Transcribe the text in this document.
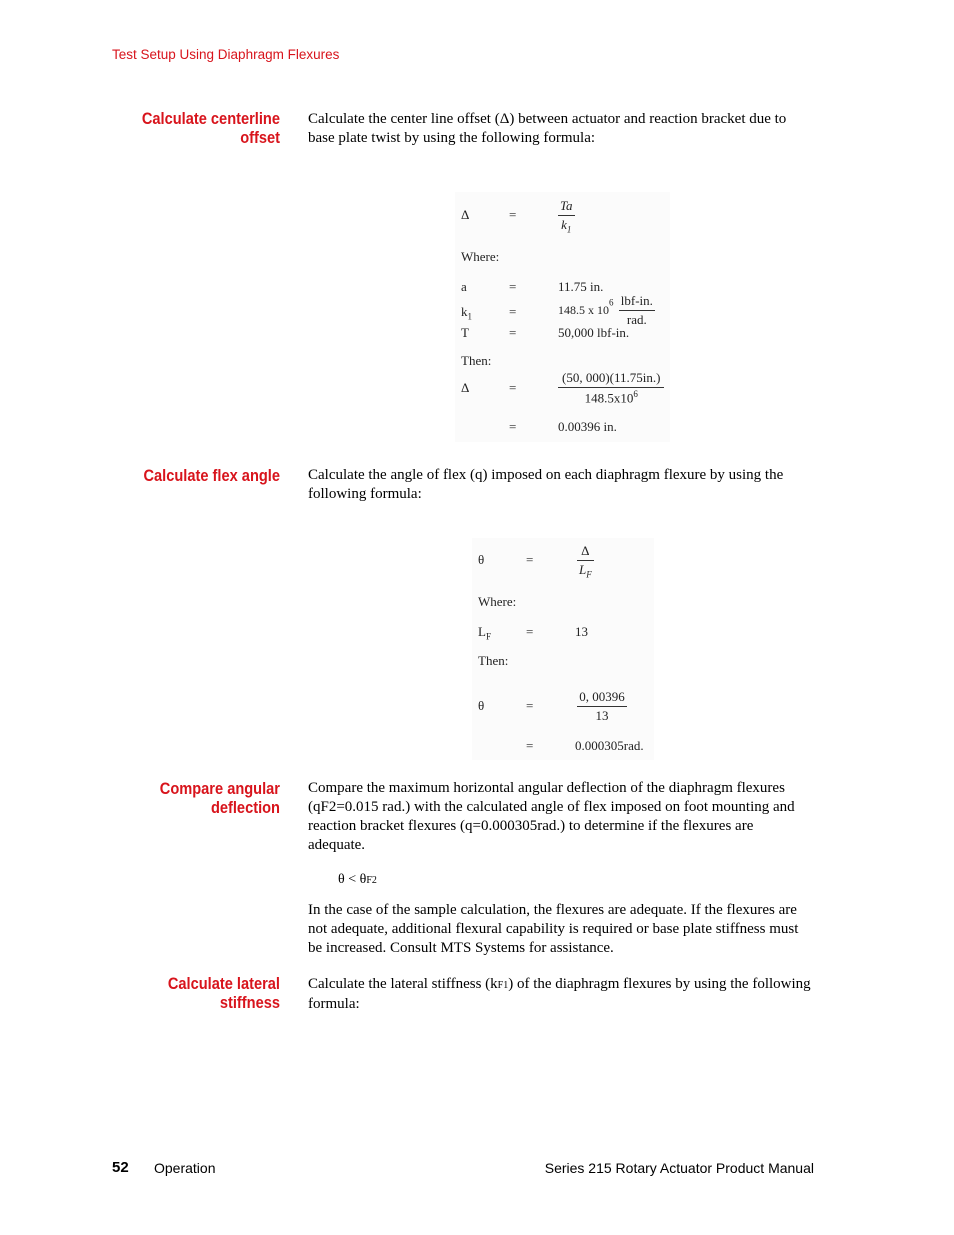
Test Setup Using Diaphragm Flexures
Calculate centerline
offset
Calculate the center line offset (Δ) between actuator and reaction bracket due to base plate twist by using the following formula:
Δ	=	$\frac{Ta}{k_1}$
Where:
a	=	11.75 in.
$k_1$	=	148.5 x $10^6 \frac{\text{lbf-in.}}{\text{rad.}}$
T	=	50,000 lbf-in.
Then:
Δ	=	$\frac{(50, 000)(11.75in.)}{148.5x10^6}$
=	0.00396 in.
Calculate flex angle Calculate the angle of flex (q) imposed on each diaphragm flexure by using the following formula:
θ	=	$\frac{\Delta}{L_F}$
Where:
$L_F$	=	13
Then:
θ	=	$\frac{0, 00396}{13}$
=	0.000305rad.
Compare angular
deflection
Compare the maximum horizontal angular deflection of the diaphragm flexures (qF2=0.015 rad.) with the calculated angle of flex imposed on foot mounting and reaction bracket flexures (q=0.000305rad.) to determine if the flexures are adequate.
θ < θF2
In the case of the sample calculation, the flexures are adequate. If the flexures are not adequate, additional flexural capability is required or base plate stiffness must be increased. Consult MTS Systems for assistance.
Calculate lateral
stiffness
Calculate the lateral stiffness (kF1) of the diaphragm flexures by using the following formula:
52 Operation	Series 215 Rotary Actuator Product Manual
